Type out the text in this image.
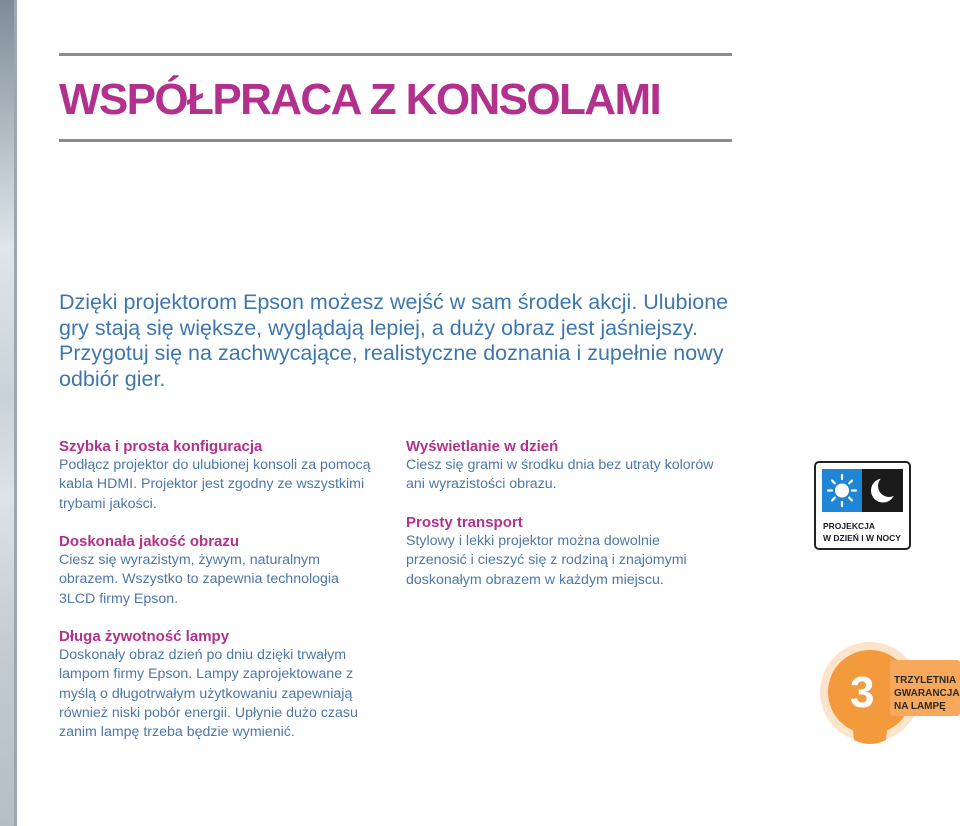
WSPÓŁPRACA Z KONSOLAMI

Dzięki projektorom Epson możesz wejść w sam środek akcji. Ulubione gry stają się większe, wyglądają lepiej, a duży obraz jest jaśniejszy. Przygotuj się na zachwycające, realistyczne doznania i zupełnie nowy odbiór gier.

Szybka i prosta konfiguracja

Podłącz projektor do ulubionej konsoli za pomocą kabla HDMI. Projektor jest zgodny ze wszystkimi trybami jakości.

Doskonała jakość obrazu

Ciesz się wyrazistym, żywym, naturalnym obrazem. Wszystko to zapewnia technologia 3LCD firmy Epson.

Długa żywotność lampy

Doskonały obraz dzień po dniu dzięki trwałym lampom firmy Epson. Lampy zaprojektowane z myślą o długotrwałym użytkowaniu zapewniają również niski pobór energii. Upłynie dużo czasu zanim lampę trzeba będzie wymienić.

Wyświetlanie w dzień

Ciesz się grami w środku dnia bez utraty kolorów ani wyrazistości obrazu.

Prosty transport

Stylowy i lekki projektor można dowolnie przenosić i cieszyć się z rodziną i znajomymi doskonałym obrazem w każdym miejscu.

PROJEKCJA
W DZIEŃ I W NOCY
3 TRZYLETNIA
GWARANCJA
NA LAMPĘ
